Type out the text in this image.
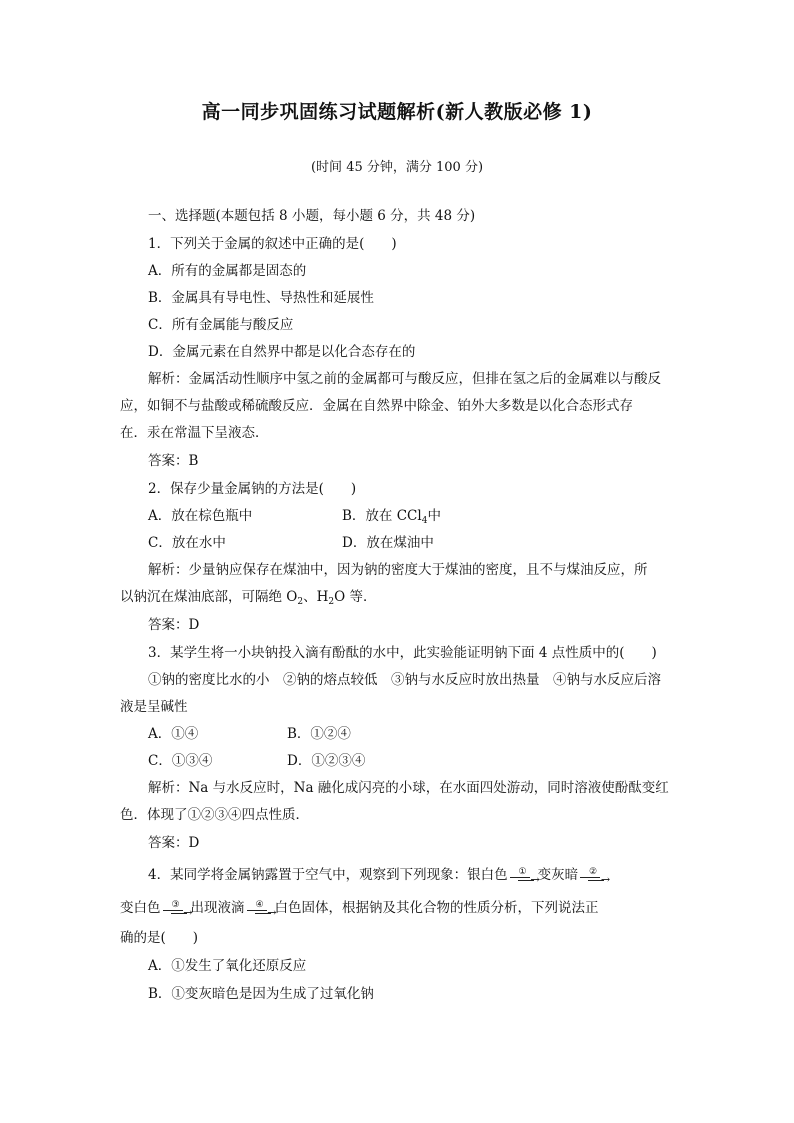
高一同步巩固练习试题解析(新人教版必修 1)
(时间 45 分钟，满分 100 分)
一、选择题(本题包括 8 小题，每小题 6 分，共 48 分)
1．下列关于金属的叙述中正确的是(　　)
A．所有的金属都是固态的
B．金属具有导电性、导热性和延展性
C．所有金属能与酸反应
D．金属元素在自然界中都是以化合态存在的
解析：金属活动性顺序中氢之前的金属都可与酸反应，但排在氢之后的金属难以与酸反
应，如铜不与盐酸或稀硫酸反应．金属在自然界中除金、铂外大多数是以化合态形式存
在．汞在常温下呈液态．
答案：B
2．保存少量金属钠的方法是(　　)
A．放在棕色瓶中	B．放在 CCl$_4$中
C．放在水中	D．放在煤油中
解析：少量钠应保存在煤油中，因为钠的密度大于煤油的密度，且不与煤油反应，所
以钠沉在煤油底部，可隔绝 $O_2$、$H_2O$ 等．
答案：D
3．某学生将一小块钠投入滴有酚酞的水中，此实验能证明钠下面 4 点性质中的(　　)
①钠的密度比水的小　②钠的熔点较低　③钠与水反应时放出热量　④钠与水反应后溶
液是呈碱性
A．①④	B．①②④
C．①③④	D．①②③④
解析：Na 与水反应时，Na 融化成闪亮的小球，在水面四处游动，同时溶液使酚酞变红
色．体现了①②③④四点性质．
答案：D
4．某同学将金属钠露置于空气中，观察到下列现象：银白色	①
→
变灰暗	②
→
变白色	③
→
出现液滴	④
→
白色固体，根据钠及其化合物的性质分析，下列说法正
确的是(　　)
A．①发生了氧化还原反应
B．①变灰暗色是因为生成了过氧化钠
